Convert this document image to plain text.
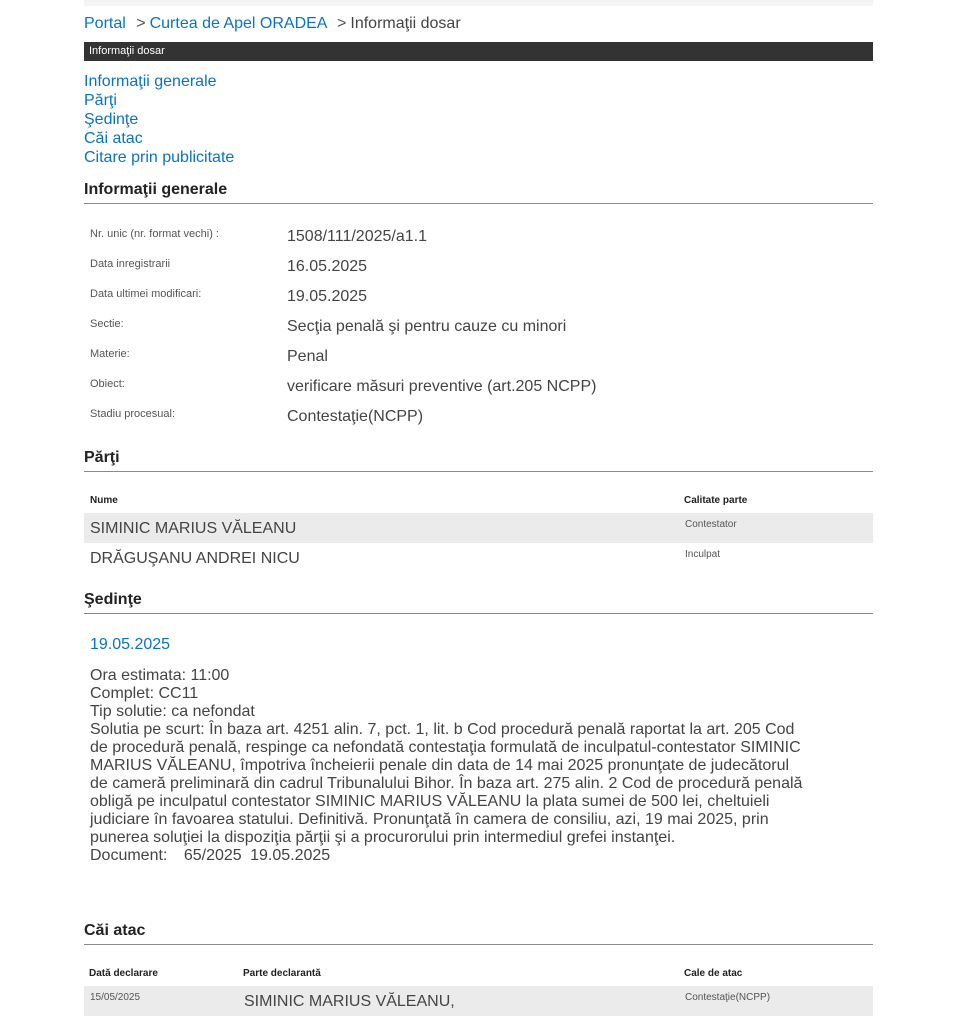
Portal > Curtea de Apel ORADEA > Informaţii dosar
Informaţii dosar
Informaţii generale
Părţi
Şedinţe
Căi atac
Citare prin publicitate
Informaţii generale
Nr. unic (nr. format vechi) :	1508/111/2025/a1.1
Data inregistrarii	16.05.2025
Data ultimei modificari:	19.05.2025
Sectie:	Secţia penală şi pentru cauze cu minori
Materie:	Penal
Obiect:	verificare măsuri preventive (art.205 NCPP)
Stadiu procesual:	Contestaţie(NCPP)
Părţi
Nume	Calitate parte
SIMINIC MARIUS VĂLEANU	Contestator
DRĂGUŞANU ANDREI NICU	Inculpat
Şedinţe
19.05.2025
Ora estimata: 11:00
Complet: CC11
Tip solutie: ca nefondat
Solutia pe scurt: În baza art. 4251 alin. 7, pct. 1, lit. b Cod procedură penală raportat la art. 205 Cod
de procedură penală, respinge ca nefondată contestaţia formulată de inculpatul-contestator SIMINIC
MARIUS VĂLEANU, împotriva încheierii penale din data de 14 mai 2025 pronunţate de judecătorul
de cameră preliminară din cadrul Tribunalului Bihor. În baza art. 275 alin. 2 Cod de procedură penală
obligă pe inculpatul contestator SIMINIC MARIUS VĂLEANU la plata sumei de 500 lei, cheltuieli
judiciare în favoarea statului. Definitivă. Pronunţată în camera de consiliu, azi, 19 mai 2025, prin
punerea soluţiei la dispoziţia părţii şi a procurorului prin intermediul grefei instanţei.
Document: 65/2025 19.05.2025
Căi atac
Dată declarare	Parte declarantă	Cale de atac
15/05/2025	SIMINIC MARIUS VĂLEANU,	Contestaţie(NCPP)
